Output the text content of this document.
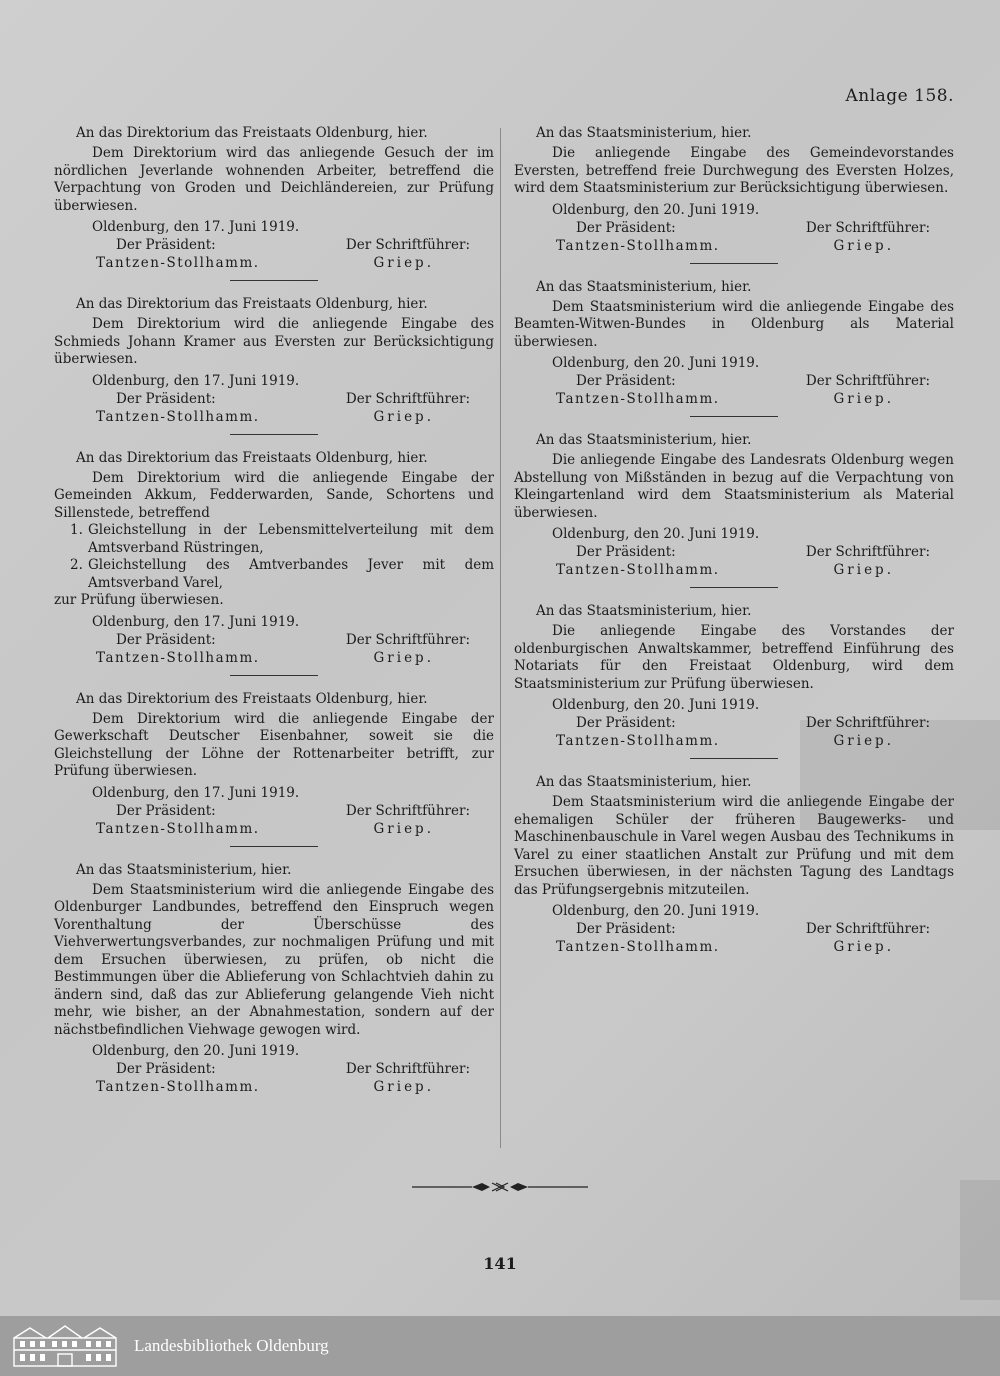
Anlage 158.
An das Direktorium das Freistaats Oldenburg, hier.
Dem Direktorium wird das anliegende Gesuch der im nördlichen Jeverlande wohnenden Arbeiter, betreffend die Verpachtung von Groden und Deichländereien, zur Prüfung überwiesen.
Oldenburg, den 17. Juni 1919.
Der Präsident:	Der Schriftführer:
Tantzen-Stollhamm.	Griep.
An das Direktorium das Freistaats Oldenburg, hier.
Dem Direktorium wird die anliegende Eingabe des Schmieds Johann Kramer aus Eversten zur Berücksichtigung überwiesen.
Oldenburg, den 17. Juni 1919.
Der Präsident:	Der Schriftführer:
Tantzen-Stollhamm.	Griep.
An das Direktorium das Freistaats Oldenburg, hier.
Dem Direktorium wird die anliegende Eingabe der Gemeinden Akkum, Fedderwarden, Sande, Schortens und Sillenstede, betreffend
1. Gleichstellung in der Lebensmittelverteilung mit dem Amtsverband Rüstringen,
2. Gleichstellung des Amtverbandes Jever mit dem Amtsverband Varel,
zur Prüfung überwiesen.
Oldenburg, den 17. Juni 1919.
Der Präsident:	Der Schriftführer:
Tantzen-Stollhamm.	Griep.
An das Direktorium des Freistaats Oldenburg, hier.
Dem Direktorium wird die anliegende Eingabe der Gewerkschaft Deutscher Eisenbahner, soweit sie die Gleichstellung der Löhne der Rottenarbeiter betrifft, zur Prüfung überwiesen.
Oldenburg, den 17. Juni 1919.
Der Präsident:	Der Schriftführer:
Tantzen-Stollhamm.	Griep.
An das Staatsministerium, hier.
Dem Staatsministerium wird die anliegende Eingabe des Oldenburger Landbundes, betreffend den Einspruch wegen Vorenthaltung der Überschüsse des Viehverwertungsverbandes, zur nochmaligen Prüfung und mit dem Ersuchen überwiesen, zu prüfen, ob nicht die Bestimmungen über die Ablieferung von Schlachtvieh dahin zu ändern sind, daß das zur Ablieferung gelangende Vieh nicht mehr, wie bisher, an der Abnahmestation, sondern auf der nächstbefindlichen Viehwage gewogen wird.
Oldenburg, den 20. Juni 1919.
Der Präsident:	Der Schriftführer:
Tantzen-Stollhamm.	Griep.
An das Staatsministerium, hier.
Die anliegende Eingabe des Gemeindevorstandes Eversten, betreffend freie Durchwegung des Eversten Holzes, wird dem Staatsministerium zur Berücksichtigung überwiesen.
Oldenburg, den 20. Juni 1919.
Der Präsident:	Der Schriftführer:
Tantzen-Stollhamm.	Griep.
An das Staatsministerium, hier.
Dem Staatsministerium wird die anliegende Eingabe des Beamten-Witwen-Bundes in Oldenburg als Material überwiesen.
Oldenburg, den 20. Juni 1919.
Der Präsident:	Der Schriftführer:
Tantzen-Stollhamm.	Griep.
An das Staatsministerium, hier.
Die anliegende Eingabe des Landesrats Oldenburg wegen Abstellung von Mißständen in bezug auf die Verpachtung von Kleingartenland wird dem Staatsministerium als Material überwiesen.
Oldenburg, den 20. Juni 1919.
Der Präsident:	Der Schriftführer:
Tantzen-Stollhamm.	Griep.
An das Staatsministerium, hier.
Die anliegende Eingabe des Vorstandes der oldenburgischen Anwaltskammer, betreffend Einführung des Notariats für den Freistaat Oldenburg, wird dem Staatsministerium zur Prüfung überwiesen.
Oldenburg, den 20. Juni 1919.
Der Präsident:	Der Schriftführer:
Tantzen-Stollhamm.	Griep.
An das Staatsministerium, hier.
Dem Staatsministerium wird die anliegende Eingabe der ehemaligen Schüler der früheren Baugewerks- und Maschinenbauschule in Varel wegen Ausbau des Technikums in Varel zu einer staatlichen Anstalt zur Prüfung und mit dem Ersuchen überwiesen, in der nächsten Tagung des Landtags das Prüfungsergebnis mitzuteilen.
Oldenburg, den 20. Juni 1919.
Der Präsident:	Der Schriftführer:
Tantzen-Stollhamm.	Griep.
141
Landesbibliothek Oldenburg
